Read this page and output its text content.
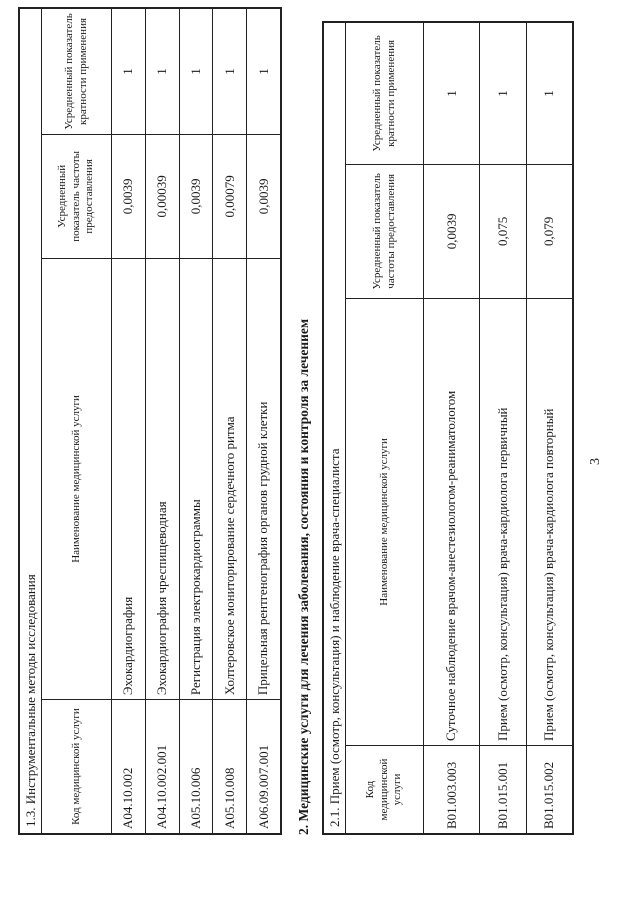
3
1.3. Инструментальные методы исследования			
Код медицинской услуги	Наименование медицинской услуги	Усредненный показатель частоты предоставления	Усредненный показатель кратности применения
A04.10.002	Эхокардиография	0,0039	1
A04.10.002.001	Эхокардиография чреспищеводная	0,00039	1
A05.10.006	Регистрация электрокардиограммы	0,0039	1
A05.10.008	Холтеровское мониторирование сердечного ритма	0,00079	1
A06.09.007.001	Прицельная рентгенография органов грудной клетки	0,0039	1
2. Медицинские услуги для лечения заболевания, состояния и контроля за лечением 2.1. Прием (осмотр, консультация) и наблюдение врача-специалиста			
Код медицинской услуги	Наименование медицинской услуги	Усредненный показатель частоты предоставления	Усредненный показатель кратности применения
B01.003.003	Суточное наблюдение врачом-анестезиологом-реаниматологом	0,0039	1
B01.015.001	Прием (осмотр, консультация) врача-кардиолога первичный	0,075	1
B01.015.002	Прием (осмотр, консультация) врача-кардиолога повторный	0,079	1
